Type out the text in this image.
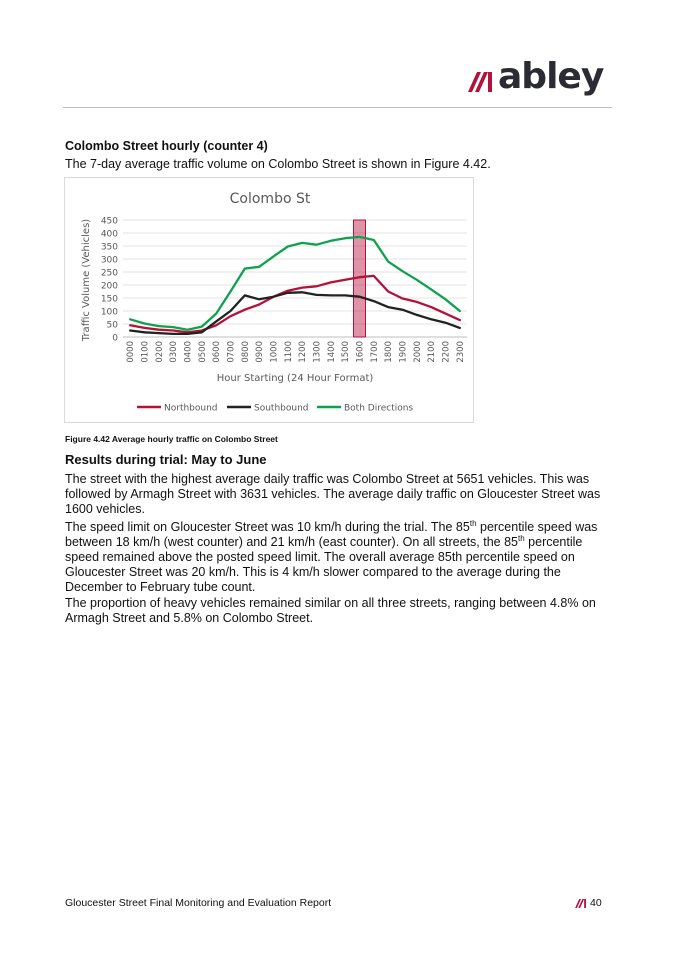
abley
Colombo Street hourly (counter 4)

The 7-day average traffic volume on Colombo Street is shown in Figure 4.42.

Colombo St
0
50
100
150
200
250
300
350
400
450
0000 0100 0200 0300 0400 0500 0600 0700 0800 0900 1000 1100 1200 1300 1400 1500 1600 1700 1800 1900 2000 2100 2200 2300
Hour Starting (24 Hour Format)
Traffic Volume (Vehicles)
Northbound	Southbound	Both Directions
Figure 4.42 Average hourly traffic on Colombo Street
Results during trial: May to June

The street with the highest average daily traffic was Colombo Street at 5651 vehicles. This was followed by Armagh Street with 3631 vehicles. The average daily traffic on Gloucester Street was 1600 vehicles.

The speed limit on Gloucester Street was 10 km/h during the trial. The 85th percentile speed was between 18 km/h (west counter) and 21 km/h (east counter). On all streets, the 85th percentile speed remained above the posted speed limit. The overall average 85th percentile speed on Gloucester Street was 20 km/h. This is 4 km/h slower compared to the average during the December to February tube count.

The proportion of heavy vehicles remained similar on all three streets, ranging between 4.8% on Armagh Street and 5.8% on Colombo Street.

Gloucester Street Final Monitoring and Evaluation Report	40
